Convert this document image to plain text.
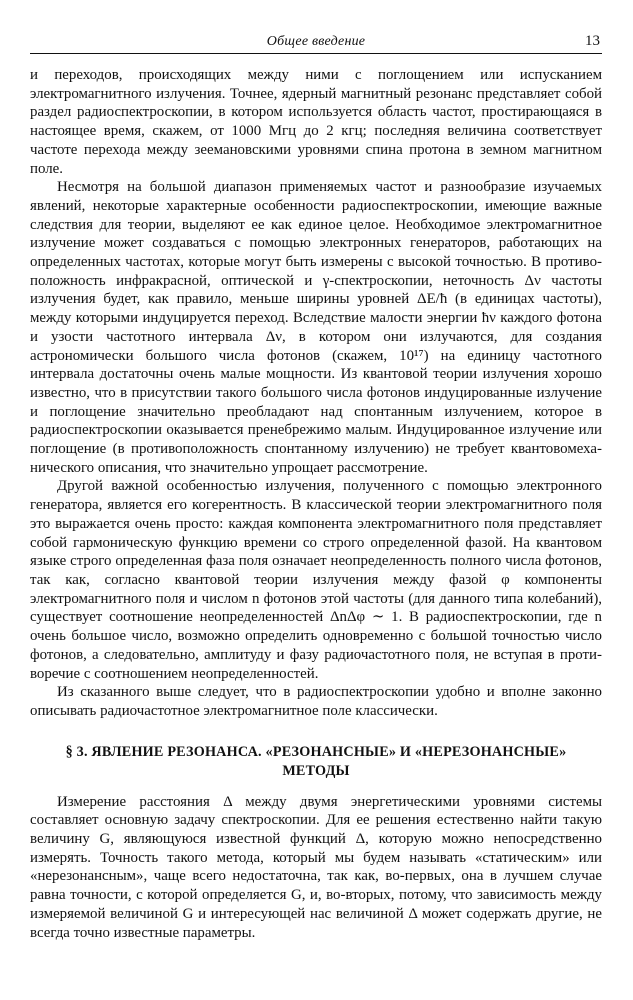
Общее введение	13

и переходов, происходящих между ними с поглощением или испусканием электромагнитного излучения. Точнее, ядерный магнитный резонанс представляет собой раздел радиоспектроскопии, в котором используется область частот, простирающаяся в настоящее время, скажем, от 1000 Мгц до 2 кгц; последняя величина соответствует частоте перехода между зеемановскими уровнями спина протона в земном магнитном поле.

Несмотря на большой диапазон применяемых частот и разнообразие изучаемых явлений, некоторые характерные особенности радиоспектроскопии, имеющие важные следствия для теории, выделяют ее как единое целое. Необходимое электромагнитное излучение может создаваться с помощью электронных генераторов, работающих на определенных частотах, которые могут быть измерены с высокой точностью. В противоположность инфракрасной, оптической и γ-спектроскопии, неточность Δν частоты излучения будет, как правило, меньше ширины уровней ΔE/ħ (в единицах частоты), между которыми индуцируется переход. Вследствие малости энергии ħν каждого фотона и узости частотного интервала Δν, в котором они излучаются, для создания астрономически большого числа фотонов (скажем, 10¹⁷) на единицу частотного интервала достаточны очень малые мощности. Из квантовой теории излучения хорошо известно, что в присутствии такого большого числа фотонов индуцированные излучение и поглощение значительно преобладают над спонтанным излучением, которое в радиоспектроскопии оказывается пренебрежимо малым. Индуцированное излучение или поглощение (в противоположность спонтанному излучению) не требует квантовомеханического описания, что значительно упрощает рассмотрение.

Другой важной особенностью излучения, полученного с помощью электронного генератора, является его когерентность. В классической теории электромагнитного поля это выражается очень просто: каждая компонента электромагнитного поля представляет собой гармоническую функцию времени со строго определенной фазой. На квантовом языке строго определенная фаза поля означает неопределенность полного числа фотонов, так как, согласно квантовой теории излучения между фазой φ компоненты электромагнитного поля и числом n фотонов этой частоты (для данного типа колебаний), существует соотношение неопределенностей ΔnΔφ ∼ 1. В радиоспектроскопии, где n очень большое число, возможно определить одновременно с большой точностью число фотонов, а следовательно, амплитуду и фазу радиочастотного поля, не вступая в противоречие с соотношением неопределенностей.

Из сказанного выше следует, что в радиоспектроскопии удобно и вполне законно описывать радиочастотное электромагнитное поле классически.

§ 3. ЯВЛЕНИЕ РЕЗОНАНСА. «РЕЗОНАНСНЫЕ» И «НЕРЕЗОНАНСНЫЕ»
МЕТОДЫ

Измерение расстояния Δ между двумя энергетическими уровнями системы составляет основную задачу спектроскопии. Для ее решения естественно найти такую величину G, являющуюся известной функций Δ, которую можно непосредственно измерять. Точность такого метода, который мы будем называть «статическим» или «нерезонансным», чаще всего недостаточна, так как, во-первых, она в лучшем случае равна точности, с которой определяется G, и, во-вторых, потому, что зависимость между измеряемой величиной G и интересующей нас величиной Δ может содержать другие, не всегда точно известные параметры.
